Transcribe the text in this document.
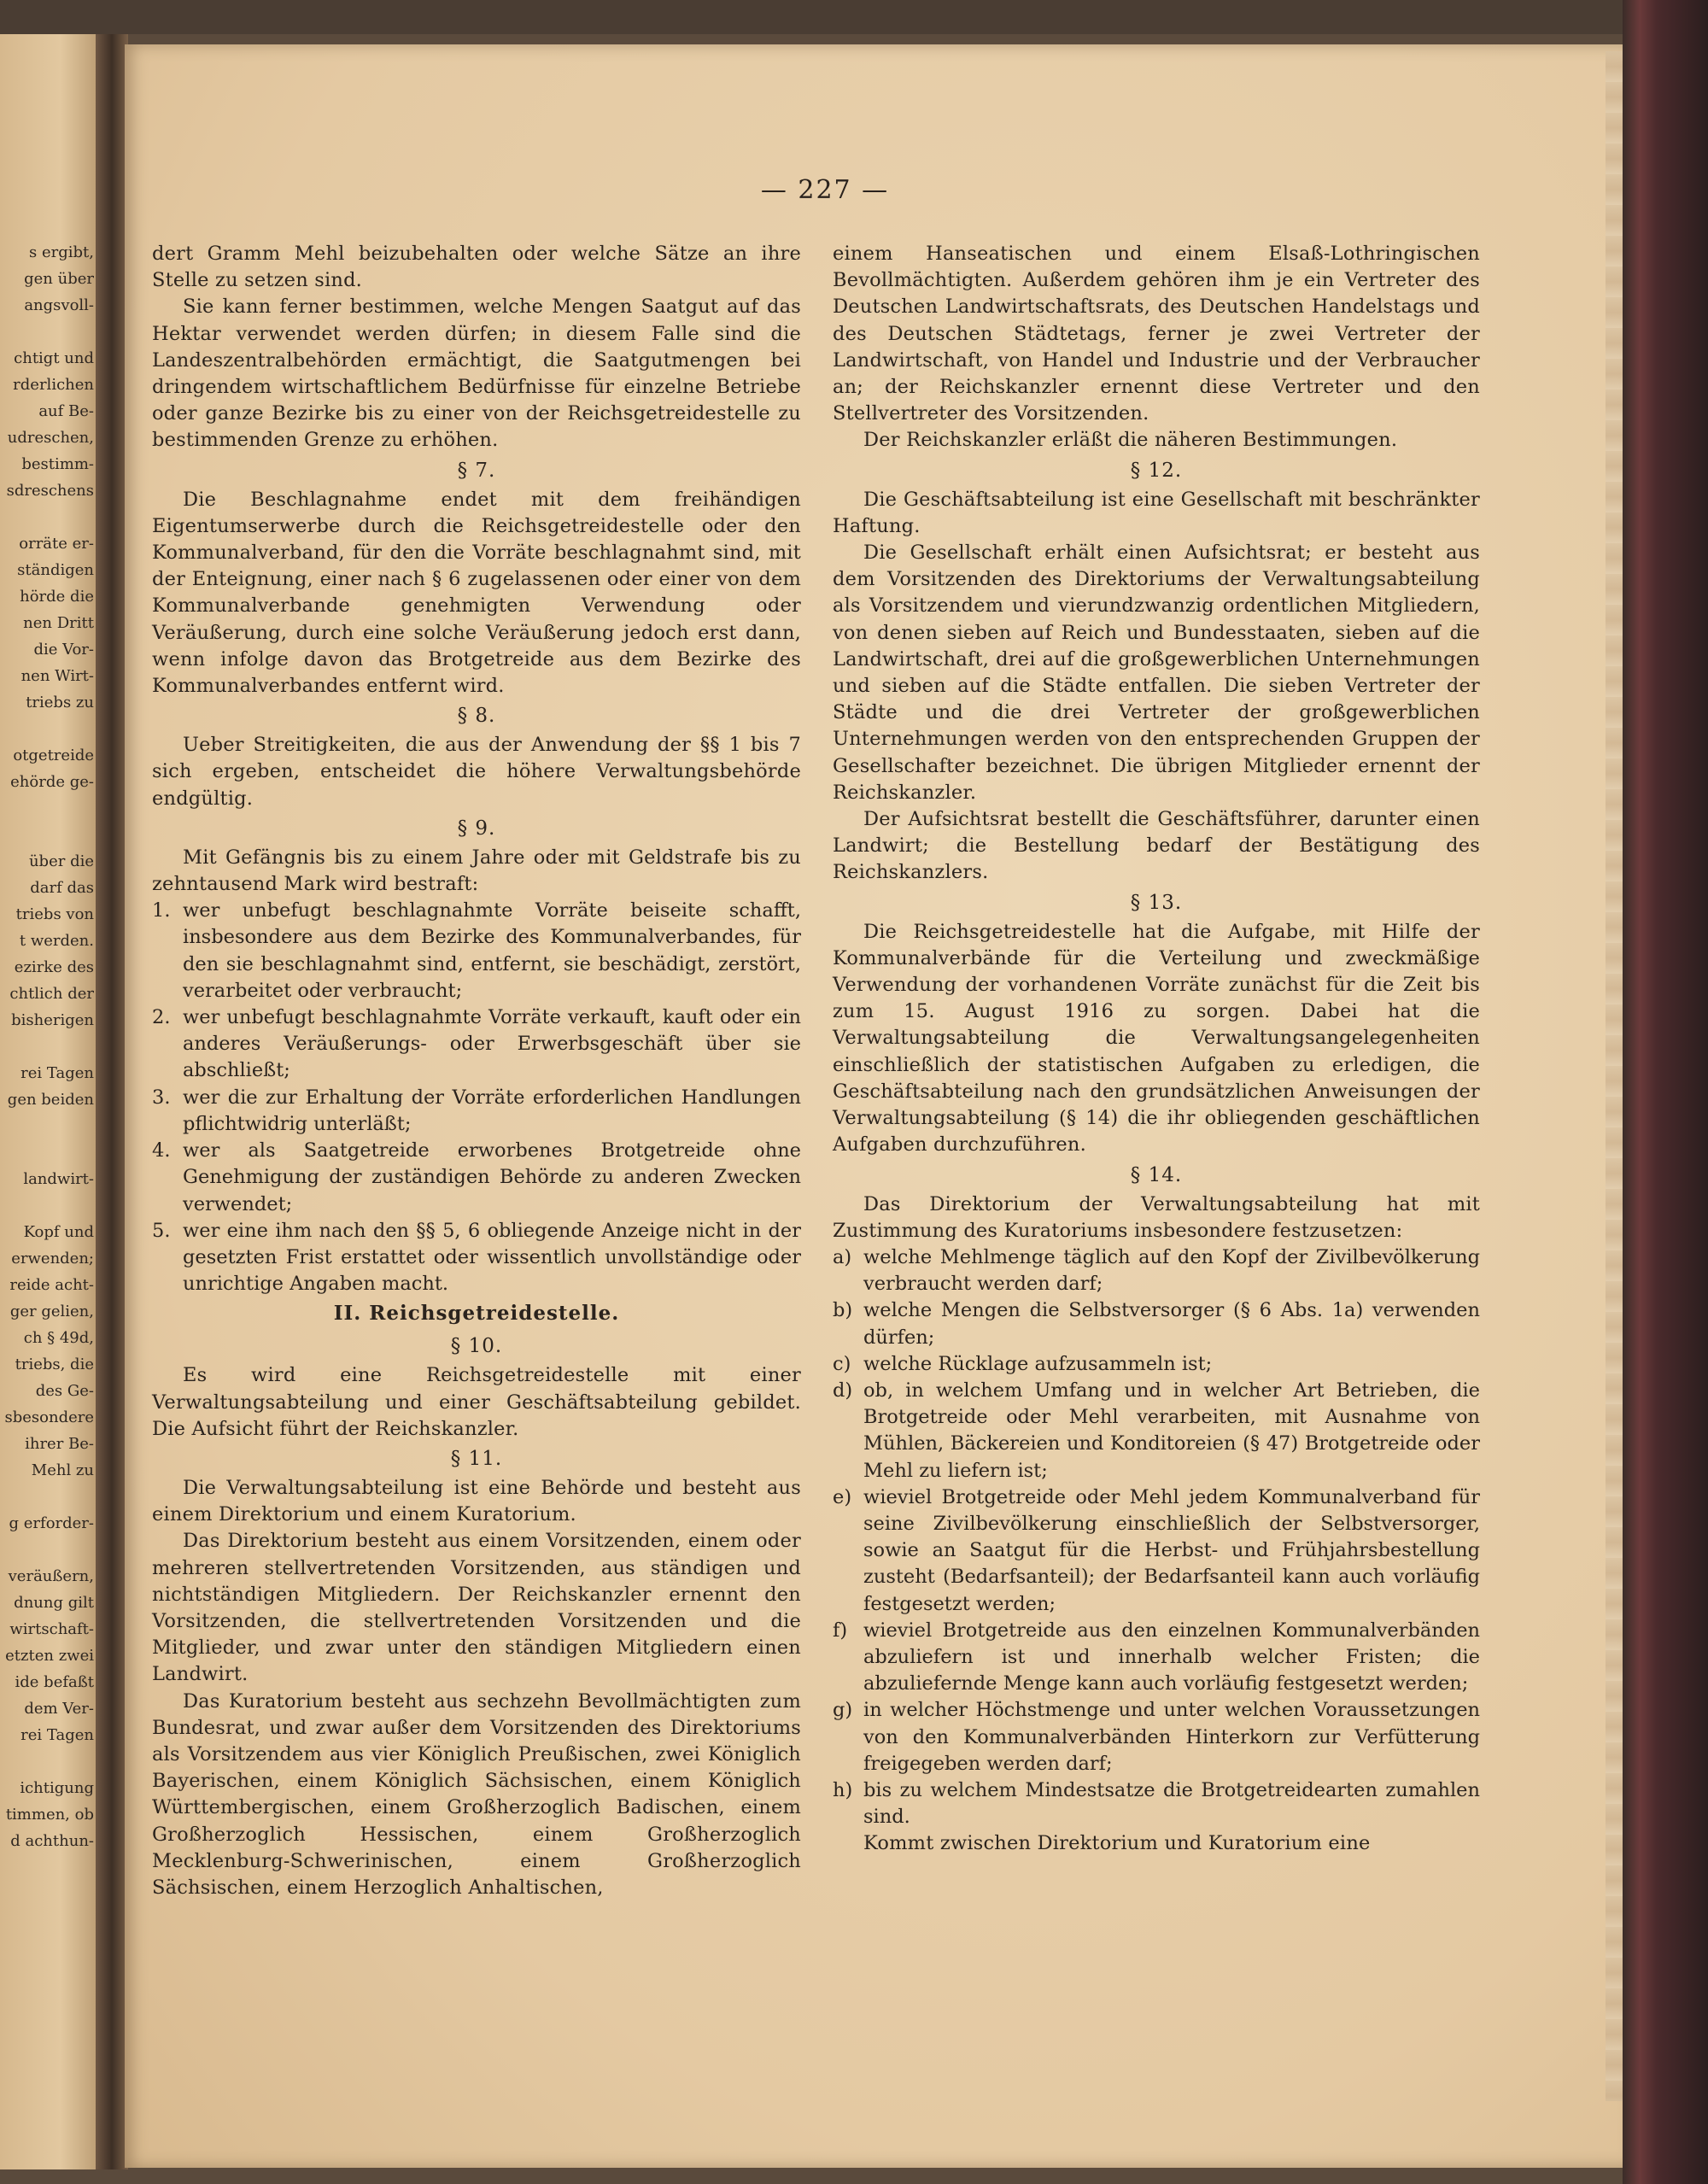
s ergibt,
gen über
angsvoll-
chtigt und
rderlichen
auf Be-
udreschen,
bestimm-
sdreschens
orräte er-
ständigen
hörde die
nen Dritt
die Vor-
nen Wirt-
triebs zu
otgetreide
ehörde ge-
über die
darf das
triebs von
t werden.
ezirke des
chtlich der
bisherigen
rei Tagen
gen beiden
landwirt-
Kopf und
erwenden;
reide acht-
ger gelien,
ch § 49d,
triebs, die
des Ge-
sbesondere
ihrer Be-
Mehl zu
g erforder-
veräußern,
dnung gilt
wirtschaft-
etzten zwei
ide befaßt
dem Ver-
rei Tagen
ichtigung
timmen, ob
d achthun-
— 227 —

dert Gramm Mehl beizubehalten oder welche Sätze an ihre Stelle zu setzen sind.

Sie kann ferner bestimmen, welche Mengen Saatgut auf das Hektar verwendet werden dürfen; in diesem Falle sind die Landeszentralbehörden ermächtigt, die Saatgutmengen bei dringendem wirtschaftlichem Bedürfnisse für einzelne Betriebe oder ganze Bezirke bis zu einer von der Reichsgetreidestelle zu bestimmenden Grenze zu erhöhen.

§ 7.

Die Beschlagnahme endet mit dem freihändigen Eigentumserwerbe durch die Reichsgetreidestelle oder den Kommunalverband, für den die Vorräte beschlagnahmt sind, mit der Enteignung, einer nach § 6 zugelassenen oder einer von dem Kommunalverbande genehmigten Verwendung oder Veräußerung, durch eine solche Veräußerung jedoch erst dann, wenn infolge davon das Brotgetreide aus dem Bezirke des Kommunalverbandes entfernt wird.

§ 8.

Ueber Streitigkeiten, die aus der Anwendung der §§ 1 bis 7 sich ergeben, entscheidet die höhere Verwaltungsbehörde endgültig.

§ 9.

Mit Gefängnis bis zu einem Jahre oder mit Geldstrafe bis zu zehntausend Mark wird bestraft:

1. wer unbefugt beschlagnahmte Vorräte beiseite schafft, insbesondere aus dem Bezirke des Kommunalverbandes, für den sie beschlagnahmt sind, entfernt, sie beschädigt, zerstört, verarbeitet oder verbraucht;
2. wer unbefugt beschlagnahmte Vorräte verkauft, kauft oder ein anderes Veräußerungs- oder Erwerbsgeschäft über sie abschließt;
3. wer die zur Erhaltung der Vorräte erforderlichen Handlungen pflichtwidrig unterläßt;
4. wer als Saatgetreide erworbenes Brotgetreide ohne Genehmigung der zuständigen Behörde zu anderen Zwecken verwendet;
5. wer eine ihm nach den §§ 5, 6 obliegende Anzeige nicht in der gesetzten Frist erstattet oder wissentlich unvollständige oder unrichtige Angaben macht.
II. Reichsgetreidestelle.
§ 10.

Es wird eine Reichsgetreidestelle mit einer Verwaltungsabteilung und einer Geschäftsabteilung gebildet. Die Aufsicht führt der Reichskanzler.

§ 11.

Die Verwaltungsabteilung ist eine Behörde und besteht aus einem Direktorium und einem Kuratorium.

Das Direktorium besteht aus einem Vorsitzenden, einem oder mehreren stellvertretenden Vorsitzenden, aus ständigen und nichtständigen Mitgliedern. Der Reichskanzler ernennt den Vorsitzenden, die stellvertretenden Vorsitzenden und die Mitglieder, und zwar unter den ständigen Mitgliedern einen Landwirt.

Das Kuratorium besteht aus sechzehn Bevollmächtigten zum Bundesrat, und zwar außer dem Vorsitzenden des Direktoriums als Vorsitzendem aus vier Königlich Preußischen, zwei Königlich Bayerischen, einem Königlich Sächsischen, einem Königlich Württembergischen, einem Großherzoglich Badischen, einem Großherzoglich Hessischen, einem Großherzoglich Mecklenburg-Schwerinischen, einem Großherzoglich Sächsischen, einem Herzoglich Anhaltischen,

einem Hanseatischen und einem Elsaß-Lothringischen Bevollmächtigten. Außerdem gehören ihm je ein Vertreter des Deutschen Landwirtschaftsrats, des Deutschen Handelstags und des Deutschen Städtetags, ferner je zwei Vertreter der Landwirtschaft, von Handel und Industrie und der Verbraucher an; der Reichskanzler ernennt diese Vertreter und den Stellvertreter des Vorsitzenden.

Der Reichskanzler erläßt die näheren Bestimmungen.

§ 12.

Die Geschäftsabteilung ist eine Gesellschaft mit beschränkter Haftung.

Die Gesellschaft erhält einen Aufsichtsrat; er besteht aus dem Vorsitzenden des Direktoriums der Verwaltungsabteilung als Vorsitzendem und vierundzwanzig ordentlichen Mitgliedern, von denen sieben auf Reich und Bundesstaaten, sieben auf die Landwirtschaft, drei auf die großgewerblichen Unternehmungen und sieben auf die Städte entfallen. Die sieben Vertreter der Städte und die drei Vertreter der großgewerblichen Unternehmungen werden von den entsprechenden Gruppen der Gesellschafter bezeichnet. Die übrigen Mitglieder ernennt der Reichskanzler.

Der Aufsichtsrat bestellt die Geschäftsführer, darunter einen Landwirt; die Bestellung bedarf der Bestätigung des Reichskanzlers.

§ 13.

Die Reichsgetreidestelle hat die Aufgabe, mit Hilfe der Kommunalverbände für die Verteilung und zweckmäßige Verwendung der vorhandenen Vorräte zunächst für die Zeit bis zum 15. August 1916 zu sorgen. Dabei hat die Verwaltungsabteilung die Verwaltungsangelegenheiten einschließlich der statistischen Aufgaben zu erledigen, die Geschäftsabteilung nach den grundsätzlichen Anweisungen der Verwaltungsabteilung (§ 14) die ihr obliegenden geschäftlichen Aufgaben durchzuführen.

§ 14.

Das Direktorium der Verwaltungsabteilung hat mit Zustimmung des Kuratoriums insbesondere festzusetzen:

a) welche Mehlmenge täglich auf den Kopf der Zivilbevölkerung verbraucht werden darf;
b) welche Mengen die Selbstversorger (§ 6 Abs. 1a) verwenden dürfen;
c) welche Rücklage aufzusammeln ist;
d) ob, in welchem Umfang und in welcher Art Betrieben, die Brotgetreide oder Mehl verarbeiten, mit Ausnahme von Mühlen, Bäckereien und Konditoreien (§ 47) Brotgetreide oder Mehl zu liefern ist;
e) wieviel Brotgetreide oder Mehl jedem Kommunalverband für seine Zivilbevölkerung einschließlich der Selbstversorger, sowie an Saatgut für die Herbst- und Frühjahrsbestellung zusteht (Bedarfsanteil); der Bedarfsanteil kann auch vorläufig festgesetzt werden;
f) wieviel Brotgetreide aus den einzelnen Kommunalverbänden abzuliefern ist und innerhalb welcher Fristen; die abzuliefernde Menge kann auch vorläufig festgesetzt werden;
g) in welcher Höchstmenge und unter welchen Voraussetzungen von den Kommunalverbänden Hinterkorn zur Verfütterung freigegeben werden darf;
h) bis zu welchem Mindestsatze die Brotgetreidearten zumahlen sind.

Kommt zwischen Direktorium und Kuratorium eine
